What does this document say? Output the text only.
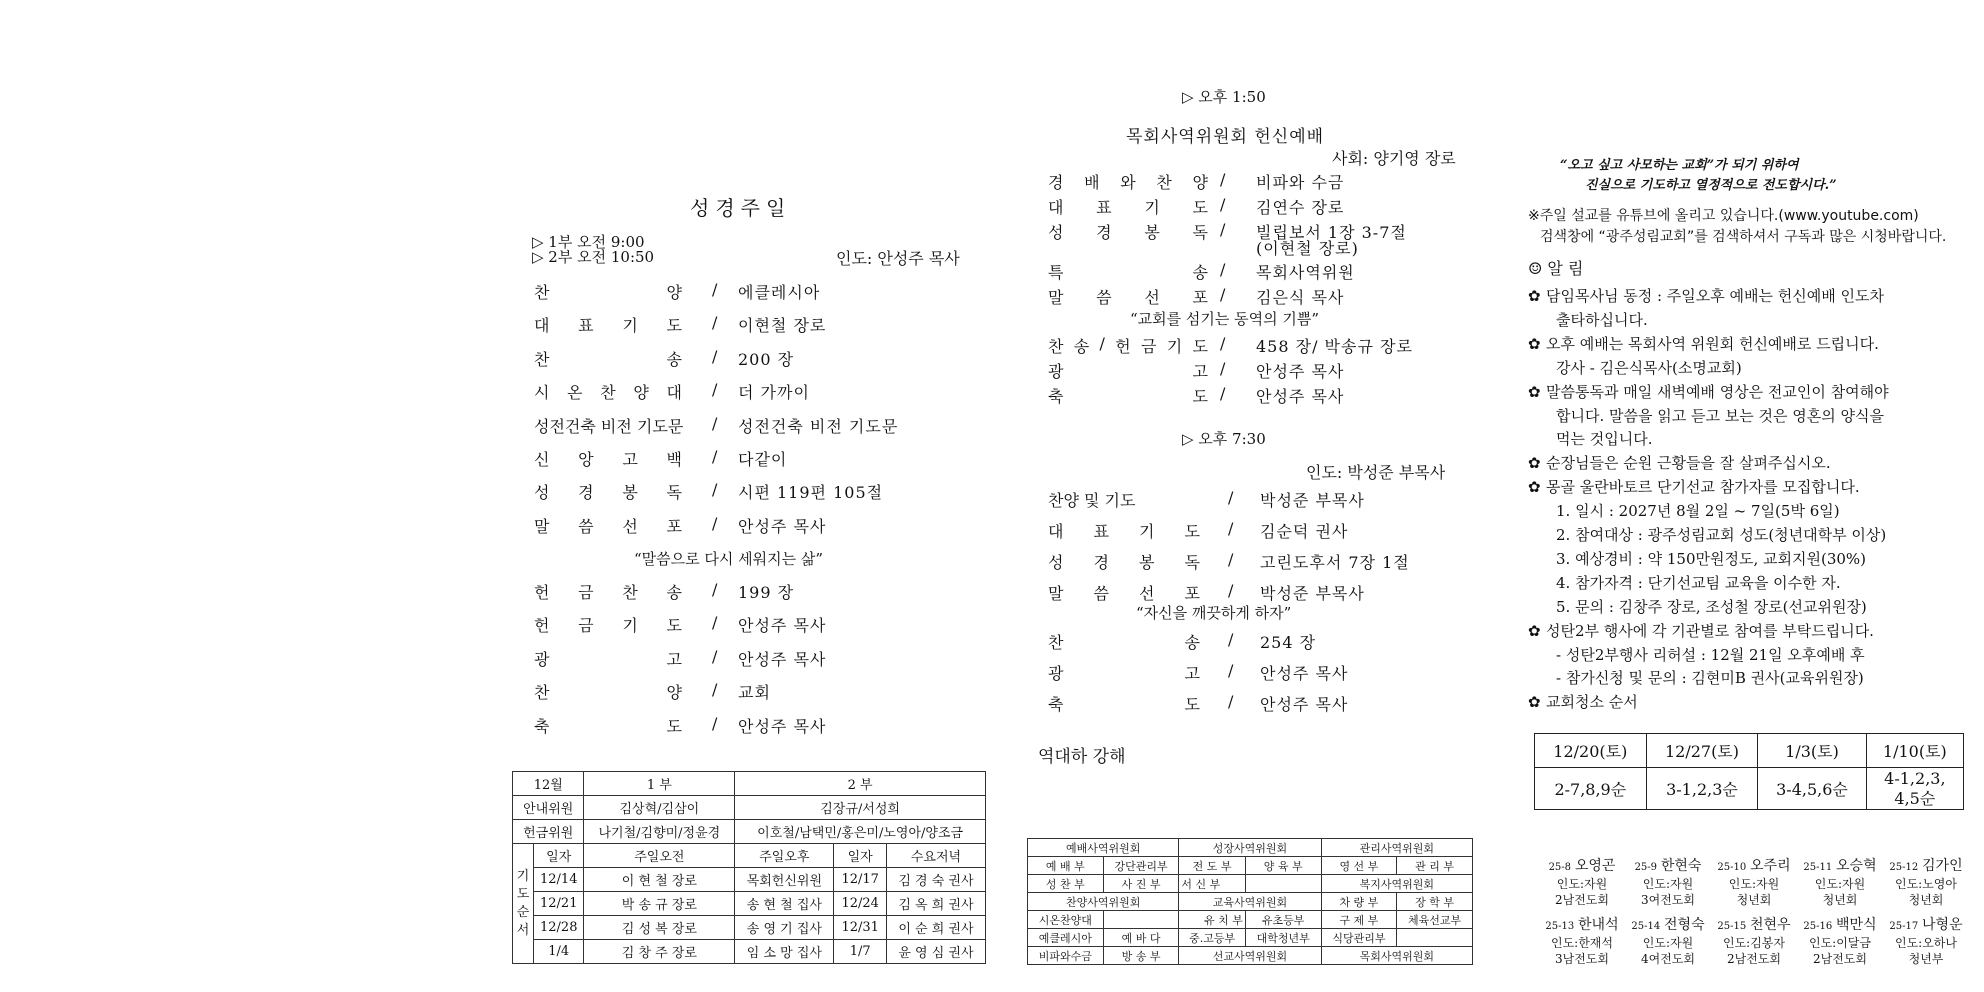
성경주일
▷ 1부 오전 9:00
▷ 2부 오전 10:50	인도: 안성주 목사
찬	양 / 에클레시아
대 표 기 도 / 이현철 장로
찬	송 / 200 장
시 온 찬 양 대 / 더 가까이
성전건축 비전 기도문 / 성전건축 비전 기도문
신 앙 고 백 / 다같이
성 경 봉 독 / 시편 119편 105절
말 씀 선 포 / 안성주 목사
“말씀으로 다시 세워지는 삶”
헌 금 찬 송 / 199 장
헌 금 기 도 / 안성주 목사
광	고 / 안성주 목사
찬	양 / 교회
축	도 / 안성주 목사
12월		1 부	2 부		
안내위원		김상혁/김삼이	김장규/서성희		
헌금위원		나기철/김향미/정윤경	이호철/남택민/홍은미/노영아/양조금		
기도순서	일자	주일오전	주일오후	일자	수요저녁
	12/14	이 현 철 장로	목회헌신위원	12/17	김 경 숙 권사
	12/21	박 송 규 장로	송 현 철 집사	12/24	김 옥 희 권사
	12/28	김 성 복 장로	송 영 기 집사	12/31	이 순 희 권사
	1/4	김 창 주 장로	임 소 망 집사	1/7	윤 영 심 권사
▷ 오후 1:50
목회사역위원회 헌신예배
사회: 양기영 장로
경 배 와 찬 양 / 비파와 수금
대 표 기 도 / 김연수 장로
성 경 봉 독 / 빌립보서 1장 3-7절
(이현철 장로)
특	송 / 목회사역위원
말 씀 선 포 / 김은식 목사
“교회를 섬기는 동역의 기쁨”
찬 송 / 헌 금 기 도 / 458 장/ 박송규 장로
광	고 / 안성주 목사
축	도 / 안성주 목사
▷ 오후 7:30
인도: 박성준 부목사
찬양 및 기도	/ 박성준 부목사
대 표 기 도 / 김순덕 권사
성 경 봉 독 / 고린도후서 7장 1절
말 씀 선 포 / 박성준 부목사
“자신을 깨끗하게 하자”
찬	송 / 254 장
광	고 / 안성주 목사
축	도 / 안성주 목사
역대하 강해
예배사역위원회		성장사역위원회		관리사역위원회	
예 배 부	강단관리부	전 도 부	양 육 부	영 선 부	관 리 부
성 찬 부	사 진 부	서 신 부		복지사역위원회	
찬양사역위원회		교육사역위원회		차 량 부	장 학 부
시온찬양대		유 치 부	유초등부	구 제 부	체육선교부
예클레시아	예 바 다	중.고등부	대학청년부	식당관리부	
비파와수금	방 송 부	선교사역위원회		목회사역위원회	
“오고 싶고 사모하는 교회”가 되기 위하여
진실으로 기도하고 열정적으로 전도합시다.”
※주일 설교를 유튜브에 올리고 있습니다.(www.youtube.com)
검색창에 “광주성림교회”를 검색하셔서 구독과 많은 시청바랍니다.
☺ 알 림
✿ 담임목사님 동정 : 주일오후 예배는 헌신예배 인도차
출타하십니다.
✿ 오후 예배는 목회사역 위원회 헌신예배로 드립니다.
강사 - 김은식목사(소명교회)
✿ 말씀통독과 매일 새벽예배 영상은 전교인이 참여해야
합니다. 말씀을 읽고 듣고 보는 것은 영혼의 양식을
먹는 것입니다.
✿ 순장님들은 순원 근황들을 잘 살펴주십시오.
✿ 몽골 울란바토르 단기선교 참가자를 모집합니다.
1. 일시 : 2027년 8월 2일 ~ 7일(5박 6일)
2. 참여대상 : 광주성림교회 성도(청년대학부 이상)
3. 예상경비 : 약 150만원정도, 교회지원(30%)
4. 참가자격 : 단기선교팀 교육을 이수한 자.
5. 문의 : 김창주 장로, 조성철 장로(선교위원장)
✿ 성탄2부 행사에 각 기관별로 참여를 부탁드립니다.
- 성탄2부행사 리허설 : 12월 21일 오후예배 후
- 참가신청 및 문의 : 김현미B 권사(교육위원장)
✿ 교회청소 순서
12/20(토)	12/27(토)	1/3(토)	1/10(토)
2-7,8,9순	3-1,2,3순	3-4,5,6순	4-1,2,3,
4,5순
25-8 오영곤
인도:자원
2남전도회
25-9 한현숙
인도:자원
3여전도회
25-10 오주리
인도:자원
청년회
25-11 오승혁
인도:자원
청년회
25-12 김가인
인도:노영아
청년회
25-13 한내석
인도:한재석
3남전도회
25-14 전형숙
인도:자원
4여전도회
25-15 천현우
인도:김봉자
2남전도회
25-16 백만식
인도:이달금
2남전도회
25-17 나형운
인도:오하나
청년부
